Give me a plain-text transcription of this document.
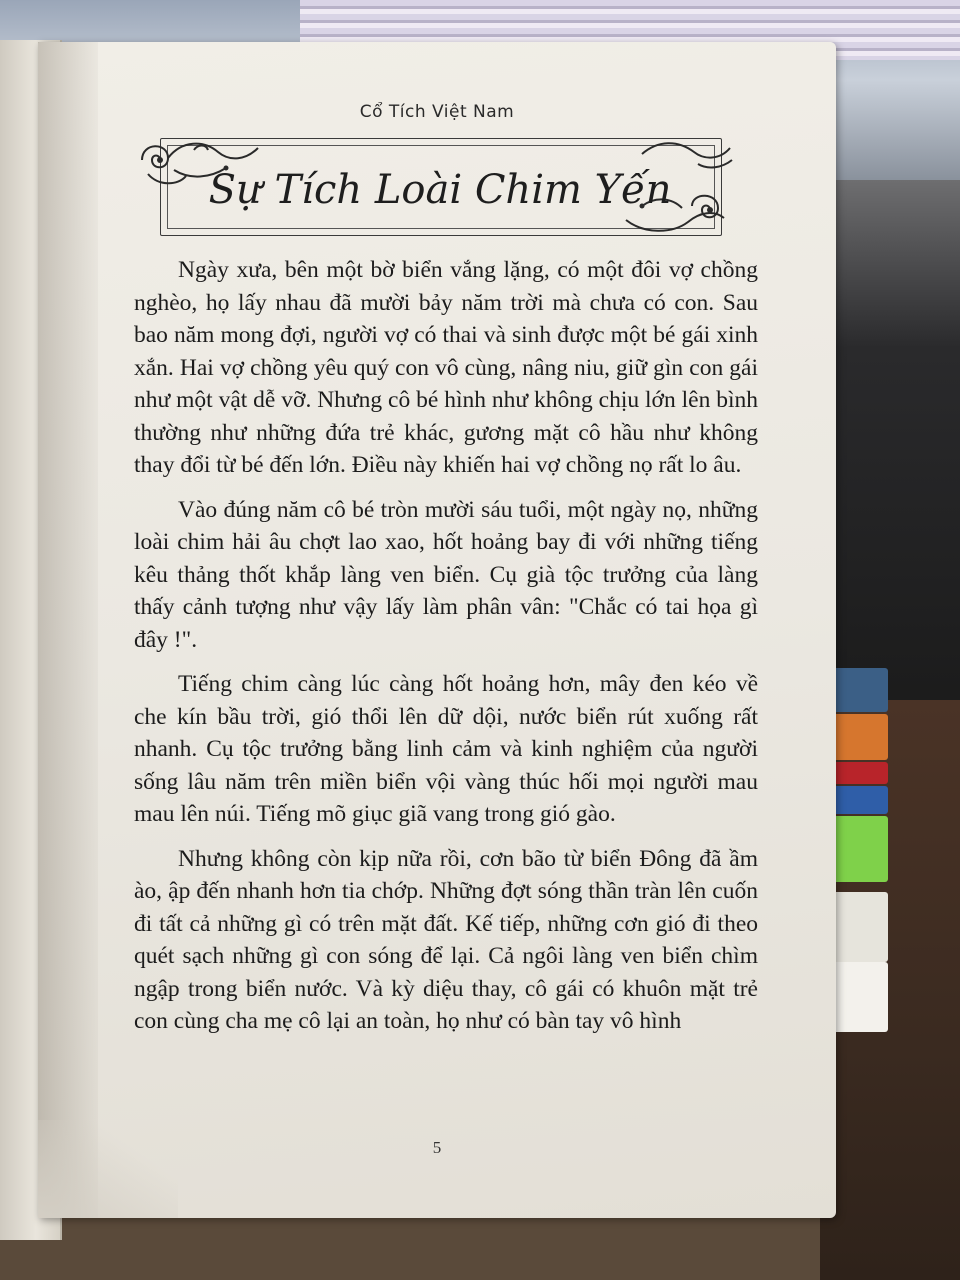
Cổ Tích Việt Nam
Sự Tích Loài Chim Yến

Ngày xưa, bên một bờ biển vắng lặng, có một đôi vợ chồng nghèo, họ lấy nhau đã mười bảy năm trời mà chưa có con. Sau bao năm mong đợi, người vợ có thai và sinh được một bé gái xinh xắn. Hai vợ chồng yêu quý con vô cùng, nâng niu, giữ gìn con gái như một vật dễ vỡ. Nhưng cô bé hình như không chịu lớn lên bình thường như những đứa trẻ khác, gương mặt cô hầu như không thay đổi từ bé đến lớn. Điều này khiến hai vợ chồng nọ rất lo âu.

Vào đúng năm cô bé tròn mười sáu tuổi, một ngày nọ, những loài chim hải âu chợt lao xao, hốt hoảng bay đi với những tiếng kêu thảng thốt khắp làng ven biển. Cụ già tộc trưởng của làng thấy cảnh tượng như vậy lấy làm phân vân: "Chắc có tai họa gì đây !".

Tiếng chim càng lúc càng hốt hoảng hơn, mây đen kéo về che kín bầu trời, gió thổi lên dữ dội, nước biển rút xuống rất nhanh. Cụ tộc trưởng bằng linh cảm và kinh nghiệm của người sống lâu năm trên miền biển vội vàng thúc hối mọi người mau mau lên núi. Tiếng mõ giục giã vang trong gió gào.

Nhưng không còn kịp nữa rồi, cơn bão từ biển Đông đã ầm ào, ập đến nhanh hơn tia chớp. Những đợt sóng thần tràn lên cuốn đi tất cả những gì có trên mặt đất. Kế tiếp, những cơn gió đi theo quét sạch những gì con sóng để lại. Cả ngôi làng ven biển chìm ngập trong biển nước. Và kỳ diệu thay, cô gái có khuôn mặt trẻ con cùng cha mẹ cô lại an toàn, họ như có bàn tay vô hình

5
